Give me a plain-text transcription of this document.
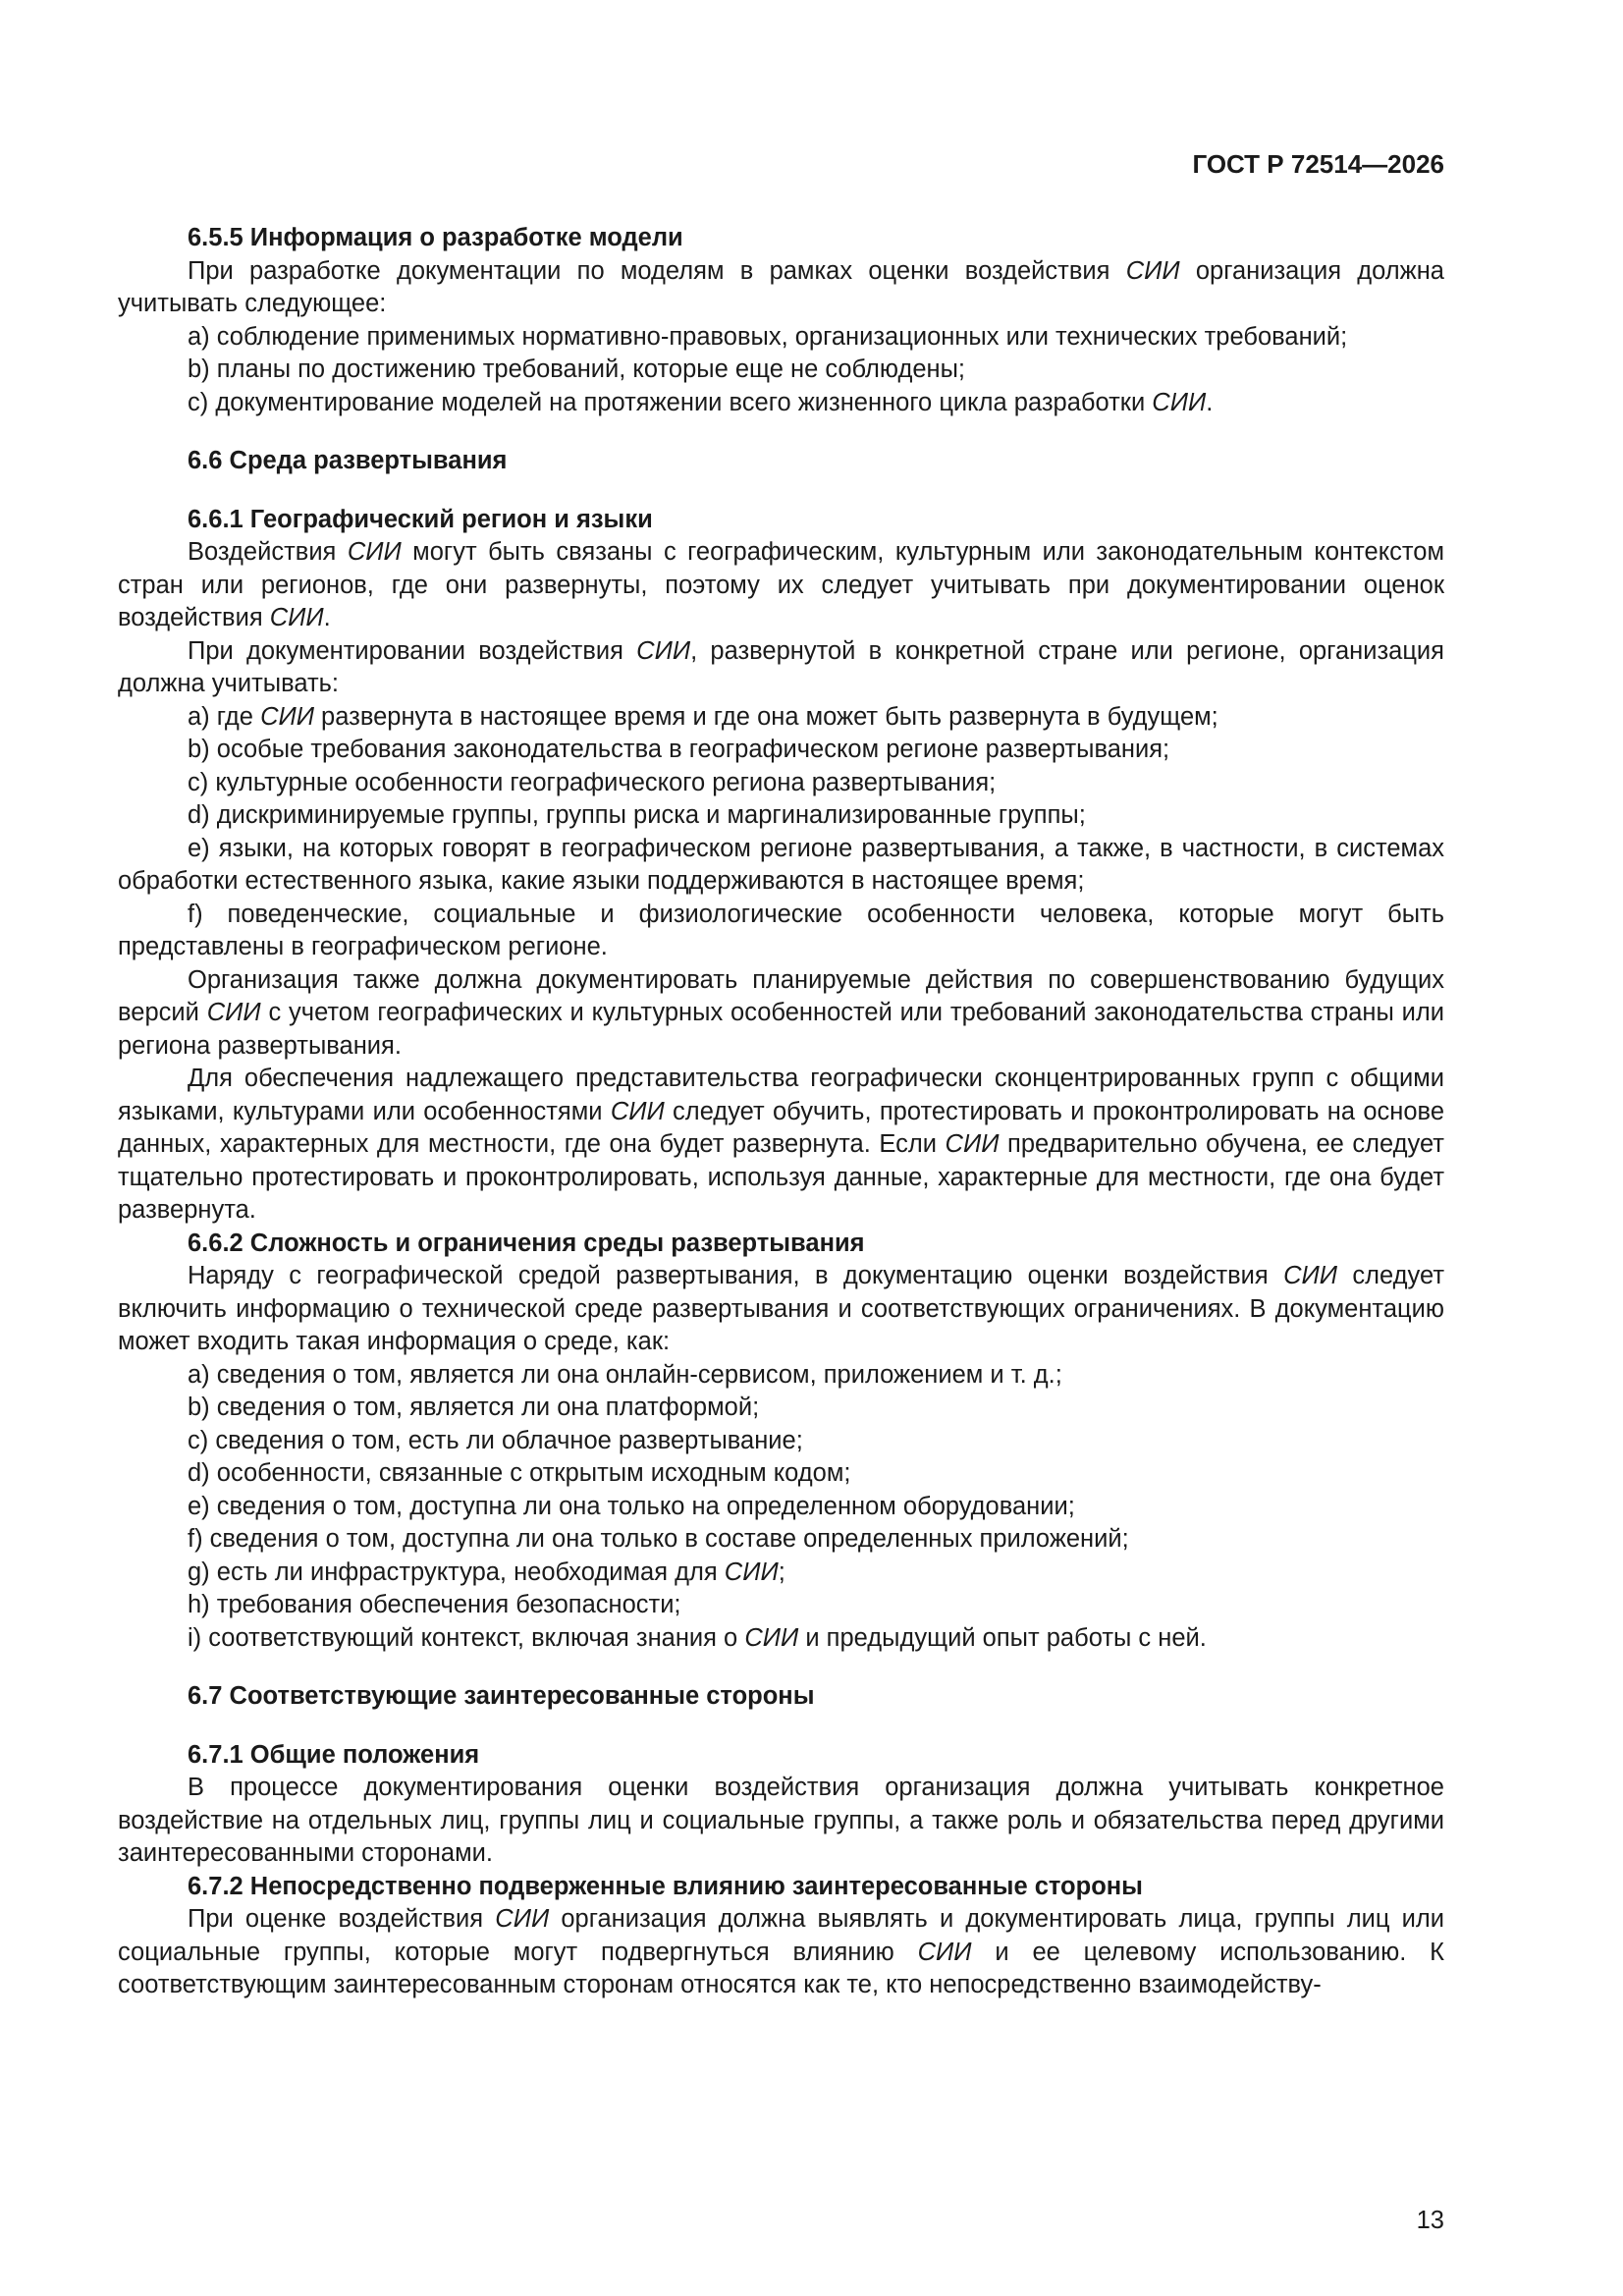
ГОСТ Р 72514—2026

6.5.5 Информация о разработке модели

При разработке документации по моделям в рамках оценки воздействия СИИ организация должна учитывать следующее:

a) соблюдение применимых нормативно-правовых, организационных или технических требований;

b) планы по достижению требований, которые еще не соблюдены;

c) документирование моделей на протяжении всего жизненного цикла разработки СИИ.

6.6 Среда развертывания

6.6.1 Географический регион и языки

Воздействия СИИ могут быть связаны с географическим, культурным или законодательным контекстом стран или регионов, где они развернуты, поэтому их следует учитывать при документировании оценок воздействия СИИ.

При документировании воздействия СИИ, развернутой в конкретной стране или регионе, организация должна учитывать:

a) где СИИ развернута в настоящее время и где она может быть развернута в будущем;

b) особые требования законодательства в географическом регионе развертывания;

c) культурные особенности географического региона развертывания;

d) дискриминируемые группы, группы риска и маргинализированные группы;

e) языки, на которых говорят в географическом регионе развертывания, а также, в частности, в системах обработки естественного языка, какие языки поддерживаются в настоящее время;

f) поведенческие, социальные и физиологические особенности человека, которые могут быть представлены в географическом регионе.

Организация также должна документировать планируемые действия по совершенствованию будущих версий СИИ с учетом географических и культурных особенностей или требований законодательства страны или региона развертывания.

Для обеспечения надлежащего представительства географически сконцентрированных групп с общими языками, культурами или особенностями СИИ следует обучить, протестировать и проконтролировать на основе данных, характерных для местности, где она будет развернута. Если СИИ предварительно обучена, ее следует тщательно протестировать и проконтролировать, используя данные, характерные для местности, где она будет развернута.

6.6.2 Сложность и ограничения среды развертывания

Наряду с географической средой развертывания, в документацию оценки воздействия СИИ следует включить информацию о технической среде развертывания и соответствующих ограничениях. В документацию может входить такая информация о среде, как:

a) сведения о том, является ли она онлайн-сервисом, приложением и т. д.;

b) сведения о том, является ли она платформой;

c) сведения о том, есть ли облачное развертывание;

d) особенности, связанные с открытым исходным кодом;

e) сведения о том, доступна ли она только на определенном оборудовании;

f) сведения о том, доступна ли она только в составе определенных приложений;

g) есть ли инфраструктура, необходимая для СИИ;

h) требования обеспечения безопасности;

i) соответствующий контекст, включая знания о СИИ и предыдущий опыт работы с ней.

6.7 Соответствующие заинтересованные стороны

6.7.1 Общие положения

В процессе документирования оценки воздействия организация должна учитывать конкретное воздействие на отдельных лиц, группы лиц и социальные группы, а также роль и обязательства перед другими заинтересованными сторонами.

6.7.2 Непосредственно подверженные влиянию заинтересованные стороны

При оценке воздействия СИИ организация должна выявлять и документировать лица, группы лиц или социальные группы, которые могут подвергнуться влиянию СИИ и ее целевому использованию. К соответствующим заинтересованным сторонам относятся как те, кто непосредственно взаимодейству-

13
